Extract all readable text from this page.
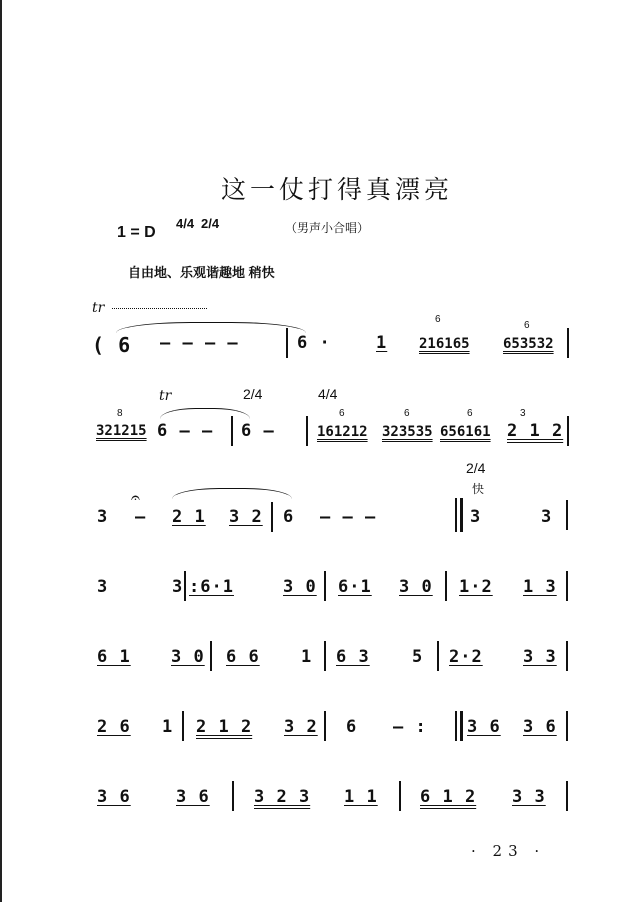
这一仗打得真漂亮
1 = D
4/4 2/4	（男声小合唱）
自由地、乐观谐趣地 稍快
tr
( 6 — — — —	6 ·	1
6
216165
6
653532
tr	2/4	4/4
8
321215 6 — — 6 —
6
161212
6
323535
6
656161
3
2 1 2
2/4
快
𝄐
3 — 2 1 3 2 6 — — —	3	3
3	3 :6·1	3 0 6·1 3 0 1·2 1 3
6 1 3 0 6 6 1 6 3 5 2·2 3 3
2 6 1 2 1 2 3 2 6 — : 3 6 3 6
3 6	3 6	3 2 3 1 1 6 1 2 3 3
· 23 ·
